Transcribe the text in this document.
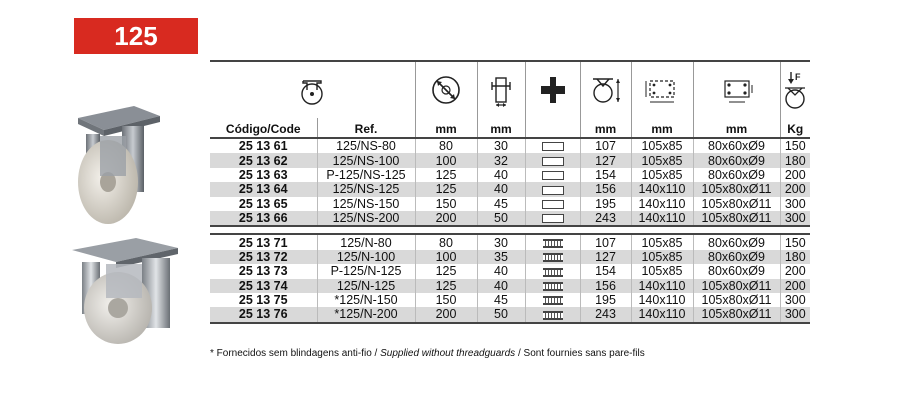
125

F

Código/Code	Ref.	mm	mm		mm	mm	mm	Kg
25 13 61	125/NS-80	80	30		107	105x85	80x60xØ9	150
25 13 62	125/NS-100	100	32		127	105x85	80x60xØ9	180
25 13 63	P-125/NS-125	125	40		154	105x85	80x60xØ9	200
25 13 64	125/NS-125	125	40		156	140x110	105x80xØ11	200
25 13 65	125/NS-150	150	45		195	140x110	105x80xØ11	300
25 13 66	125/NS-200	200	50		243	140x110	105x80xØ11	300

25 13 71	125/N-80	80	30		107	105x85	80x60xØ9	150
25 13 72	125/N-100	100	35		127	105x85	80x60xØ9	180
25 13 73	P-125/N-125	125	40		154	105x85	80x60xØ9	200
25 13 74	125/N-125	125	40		156	140x110	105x80xØ11	200
25 13 75	*125/N-150	150	45		195	140x110	105x80xØ11	300
25 13 76	*125/N-200	200	50		243	140x110	105x80xØ11	300
* Fornecidos sem blindagens anti-fio / Supplied without threadguards / Sont fournies sans pare-fils
